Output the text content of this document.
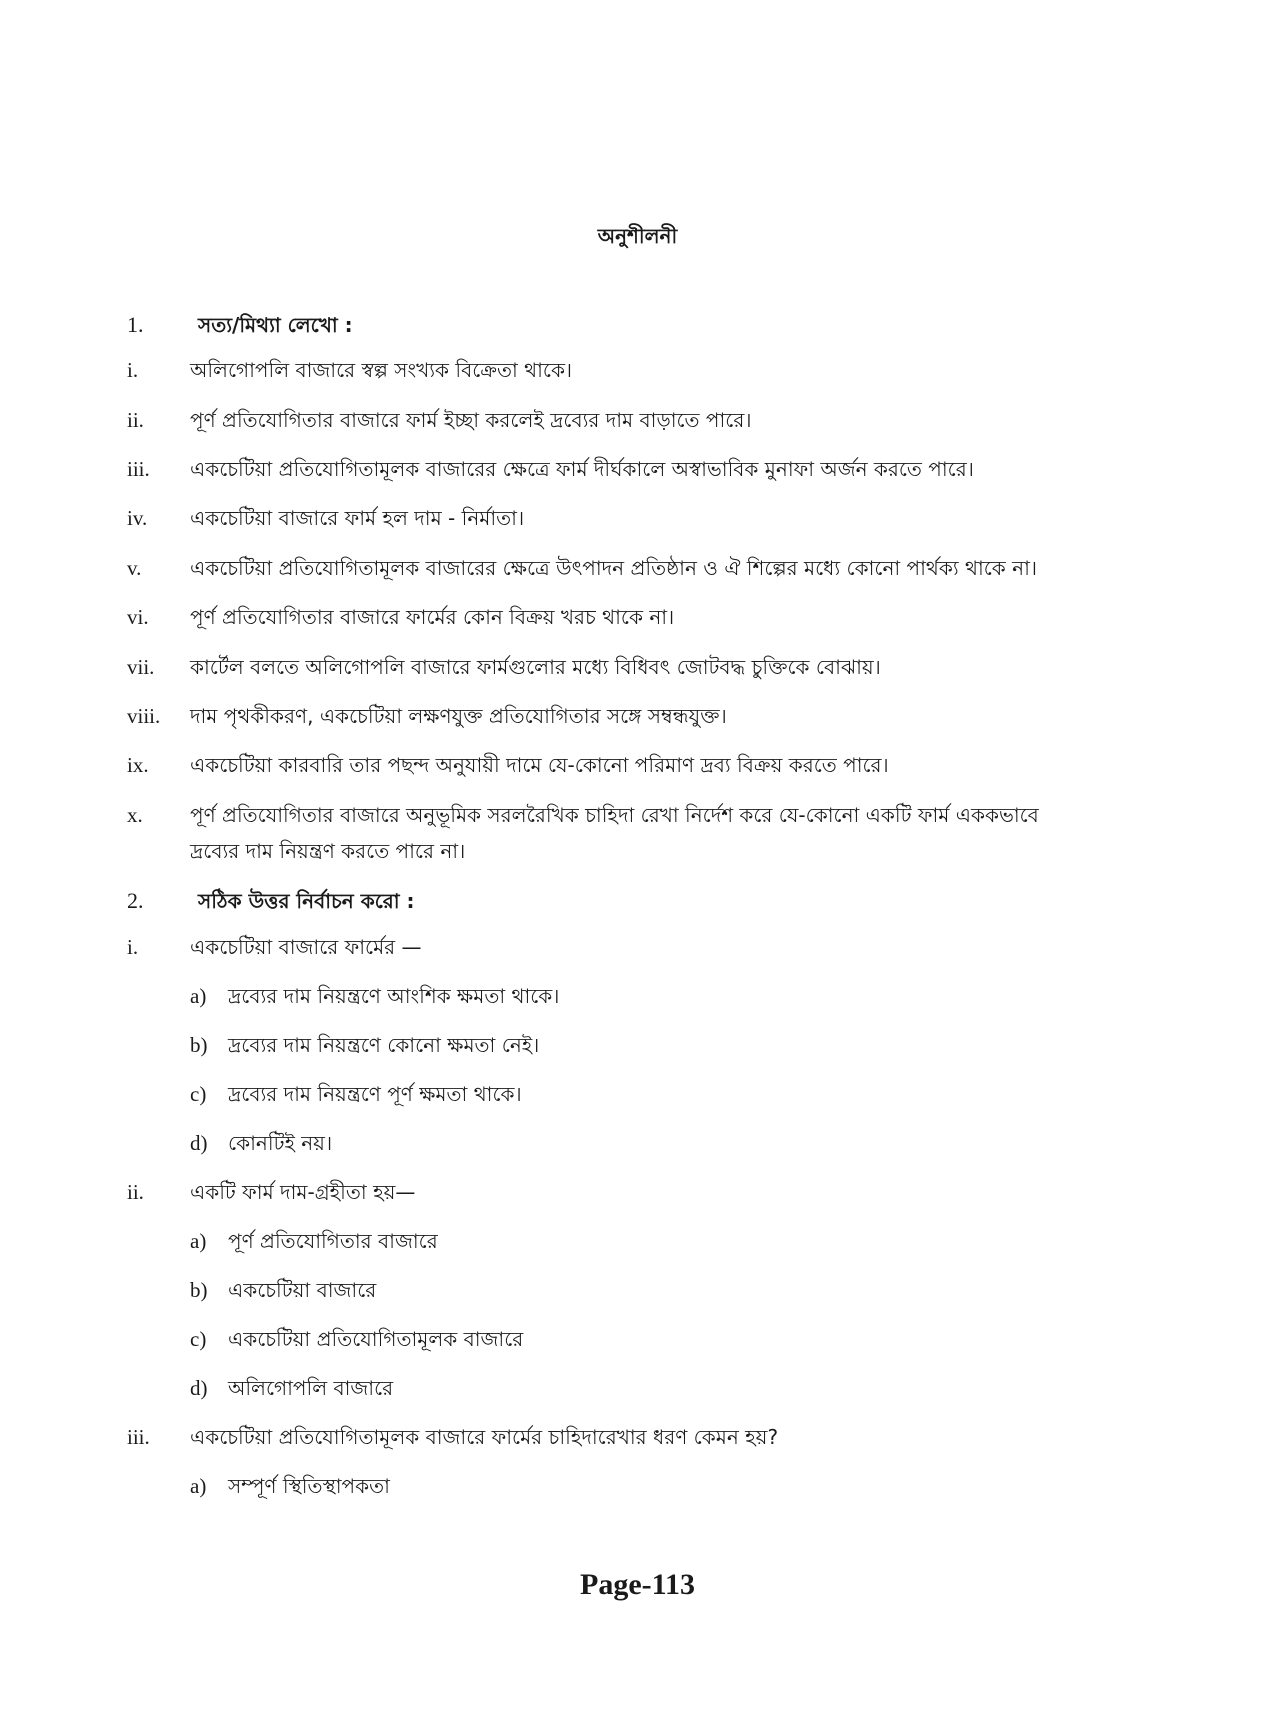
অনুশীলনী
1.	সত্য/মিথ্যা লেখো :
i.	অলিগোপলি বাজারে স্বল্প সংখ্যক বিক্রেতা থাকে।
ii.	পূর্ণ প্রতিযোগিতার বাজারে ফার্ম ইচ্ছা করলেই দ্রব্যের দাম বাড়াতে পারে।
iii.	একচেটিয়া প্রতিযোগিতামূলক বাজারের ক্ষেত্রে ফার্ম দীর্ঘকালে অস্বাভাবিক মুনাফা অর্জন করতে পারে।
iv.	একচেটিয়া বাজারে ফার্ম হল দাম - নির্মাতা।
v.	একচেটিয়া প্রতিযোগিতামূলক বাজারের ক্ষেত্রে উৎপাদন প্রতিষ্ঠান ও ঐ শিল্পের মধ্যে কোনো পার্থক্য থাকে না।
vi.	পূর্ণ প্রতিযোগিতার বাজারে ফার্মের কোন বিক্রয় খরচ থাকে না।
vii.	কার্টেল বলতে অলিগোপলি বাজারে ফার্মগুলোর মধ্যে বিধিবৎ জোটবদ্ধ চুক্তিকে বোঝায়।
viii.	দাম পৃথকীকরণ, একচেটিয়া লক্ষণযুক্ত প্রতিযোগিতার সঙ্গে সম্বন্ধযুক্ত।
ix.	একচেটিয়া কারবারি তার পছন্দ অনুযায়ী দামে যে-কোনো পরিমাণ দ্রব্য বিক্রয় করতে পারে।
x.	পূর্ণ প্রতিযোগিতার বাজারে অনুভূমিক সরলরৈখিক চাহিদা রেখা নির্দেশ করে যে-কোনো একটি ফার্ম এককভাবে
দ্রব্যের দাম নিয়ন্ত্রণ করতে পারে না।
2.	সঠিক উত্তর নির্বাচন করো :
i.	একচেটিয়া বাজারে ফার্মের —
a)	দ্রব্যের দাম নিয়ন্ত্রণে আংশিক ক্ষমতা থাকে।
b)	দ্রব্যের দাম নিয়ন্ত্রণে কোনো ক্ষমতা নেই।
c)	দ্রব্যের দাম নিয়ন্ত্রণে পূর্ণ ক্ষমতা থাকে।
d)	কোনটিই নয়।
ii.	একটি ফার্ম দাম-গ্রহীতা হয়—
a)	পূর্ণ প্রতিযোগিতার বাজারে
b)	একচেটিয়া বাজারে
c)	একচেটিয়া প্রতিযোগিতামূলক বাজারে
d)	অলিগোপলি বাজারে
iii.	একচেটিয়া প্রতিযোগিতামূলক বাজারে ফার্মের চাহিদারেখার ধরণ কেমন হয়?
a)	সম্পূর্ণ স্থিতিস্থাপকতা
Page-113
